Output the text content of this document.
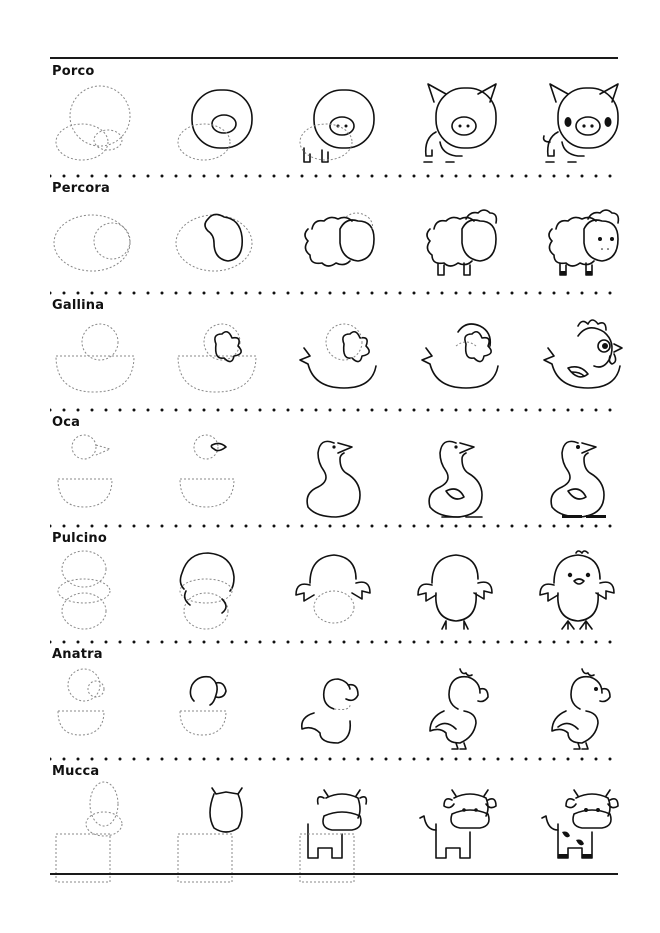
Porco
Percora
Gallina
Oca
Pulcino
Anatra
Mucca
